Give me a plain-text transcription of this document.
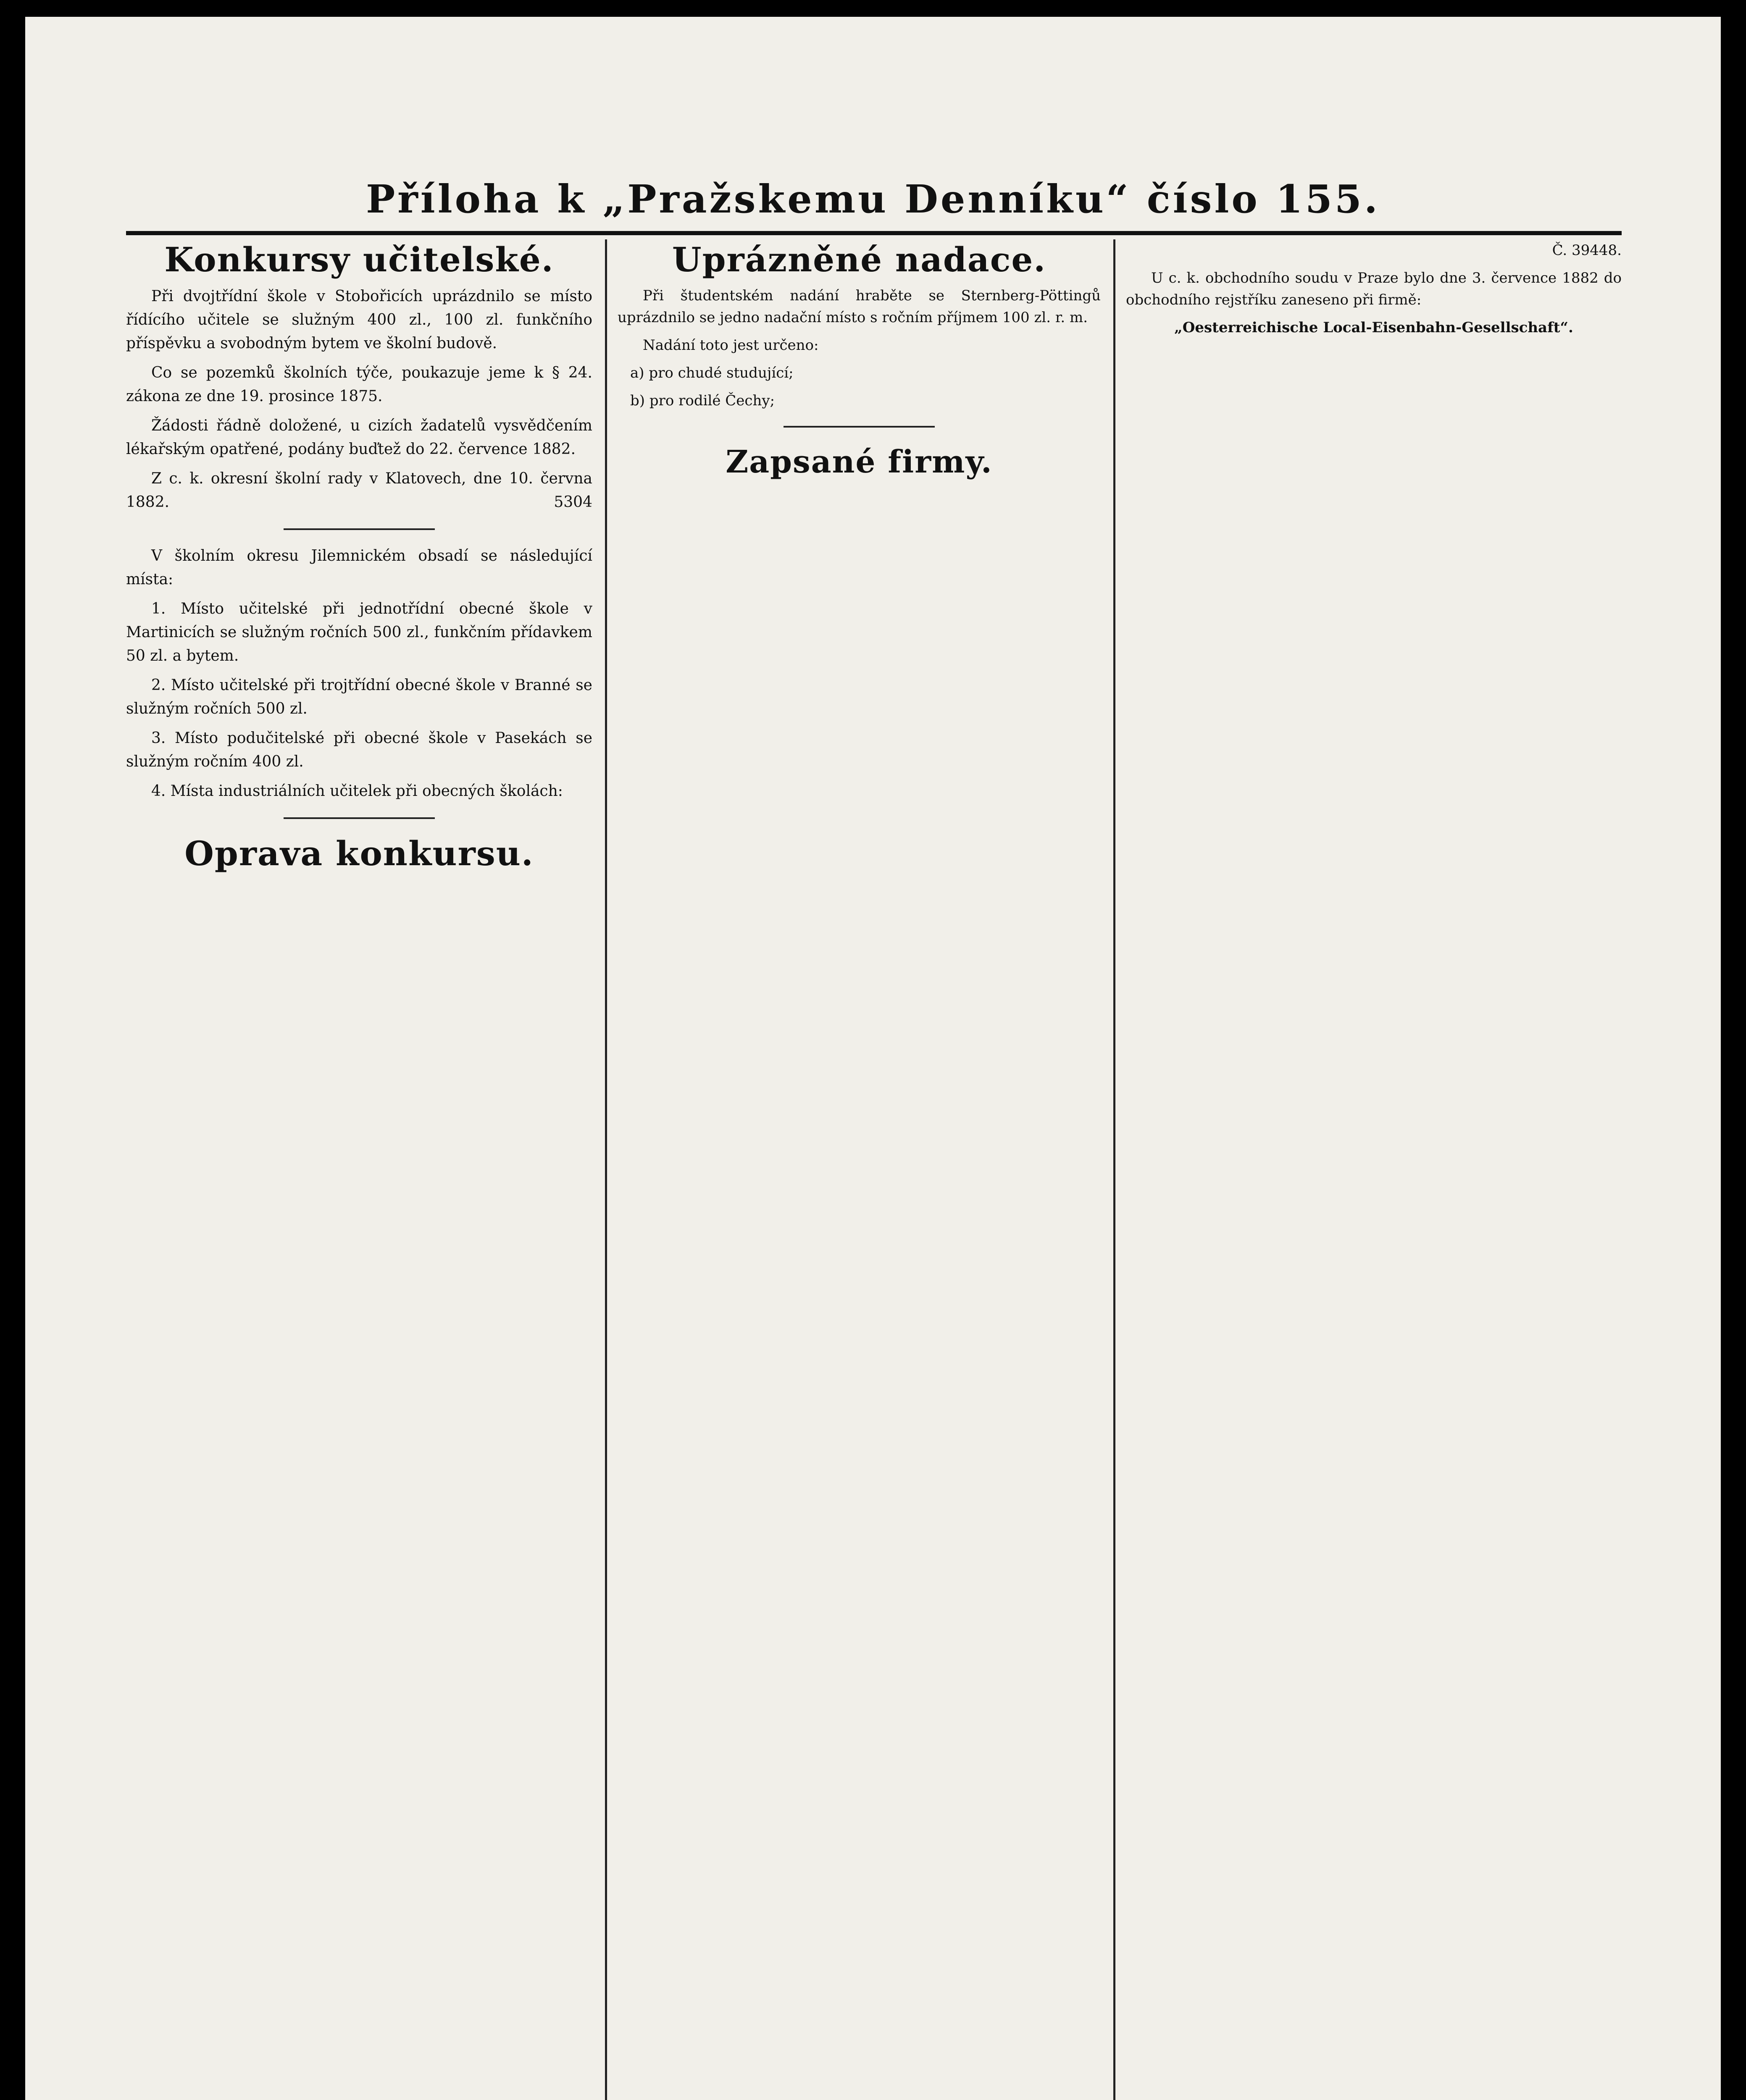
Příloha k „Pražskemu Denníku“ číslo 155.
Konkursy učitelské.

Při dvojtřídní škole v Stobořicích uprázdnilo se místo řídícího učitele se služným 400 zl., 100 zl. funkčního příspěvku a svobodným bytem ve školní budově.

Co se pozemků školních týče, poukazuje jeme k § 24. zákona ze dne 19. prosince 1875.

Žádosti řádně doložené, u cizích žadatelů vysvědčením lékařským opatřené, podány buďtež do 22. července 1882.

Z c. k. okresní školní rady v Klatovech, dne 10. června 1882.	5304

V školním okresu Jilemnickém obsadí se následující místa:

1. Místo učitelské při jednotřídní obecné škole v Martinicích se služným ročních 500 zl., funkčním přídavkem 50 zl. a bytem.

2. Místo učitelské při trojtřídní obecné škole v Branné se služným ročních 500 zl.

3. Místo podučitelské při obecné škole v Pasekách se služným ročním 400 zl.

4. Místa industriálních učitelek při obecných školách:

Oprava konkursu.
Uprázněné nadace.

Při študentském nadání hraběte se Sternberg-Pöttingů uprázdnilo se jedno nadační místo s ročním příjmem 100 zl. r. m.

Nadání toto jest určeno:

a) pro chudé studující;

b) pro rodilé Čechy;

Zapsané firmy.

Č. 39448.

U c. k. obchodního soudu v Praze bylo dne 3. července 1882 do obchodního rejstříku zaneseno při firmě:

„Oesterreichische Local-Eisenbahn-Gesellschaft“.
